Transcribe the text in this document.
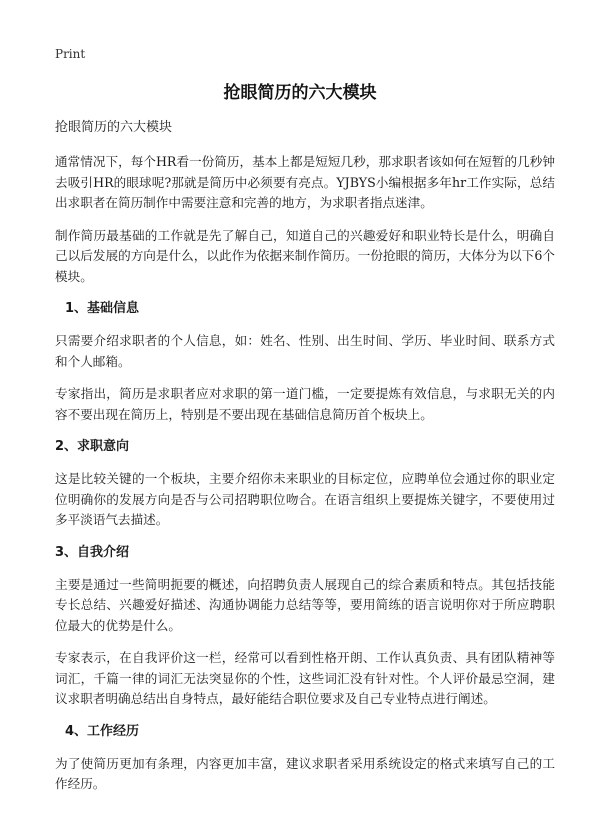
Print
抢眼简历的六大模块
抢眼简历的六大模块

通常情况下，每个HR看一份简历，基本上都是短短几秒，那求职者该如何在短暂的几秒钟去吸引HR的眼球呢?那就是简历中必须要有亮点。YJBYS小编根据多年hr工作实际，总结出求职者在简历制作中需要注意和完善的地方，为求职者指点迷津。

制作简历最基础的工作就是先了解自己，知道自己的兴趣爱好和职业特长是什么，明确自己以后发展的方向是什么，以此作为依据来制作简历。一份抢眼的简历，大体分为以下6个模块。

1、基础信息

只需要介绍求职者的个人信息，如：姓名、性别、出生时间、学历、毕业时间、联系方式和个人邮箱。

专家指出，简历是求职者应对求职的第一道门槛，一定要提炼有效信息，与求职无关的内容不要出现在简历上，特别是不要出现在基础信息简历首个板块上。

2、求职意向

这是比较关键的一个板块，主要介绍你未来职业的目标定位，应聘单位会通过你的职业定位明确你的发展方向是否与公司招聘职位吻合。在语言组织上要提炼关键字，不要使用过多平淡语气去描述。

3、自我介绍

主要是通过一些简明扼要的概述，向招聘负责人展现自己的综合素质和特点。其包括技能专长总结、兴趣爱好描述、沟通协调能力总结等等，要用简练的语言说明你对于所应聘职位最大的优势是什么。

专家表示，在自我评价这一栏，经常可以看到性格开朗、工作认真负责、具有团队精神等词汇，千篇一律的词汇无法突显你的个性，这些词汇没有针对性。个人评价最忌空洞，建议求职者明确总结出自身特点，最好能结合职位要求及自己专业特点进行阐述。

4、工作经历

为了使简历更加有条理，内容更加丰富，建议求职者采用系统设定的格式来填写自己的工作经历。
